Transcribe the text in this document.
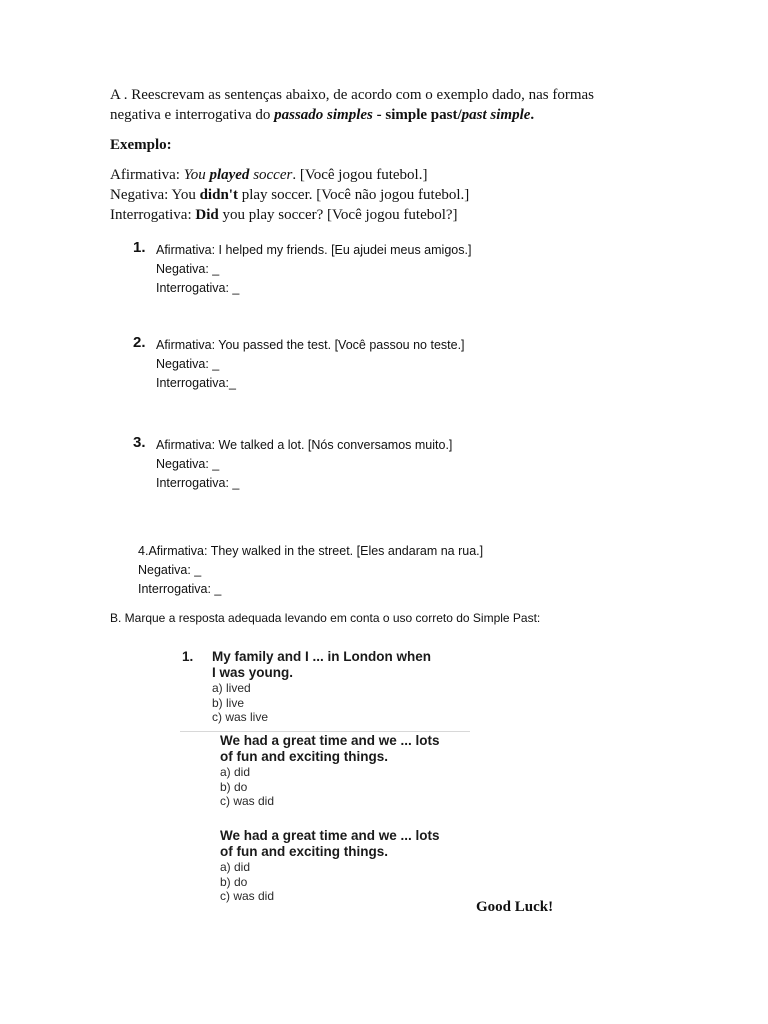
A . Reescrevam as sentenças abaixo, de acordo com o exemplo dado, nas formas
negativa e interrogativa do passado simples - simple past/past simple.
Exemplo:
Afirmativa: You played soccer. [Você jogou futebol.]
Negativa: You didn't play soccer. [Você não jogou futebol.]
Interrogativa: Did you play soccer? [Você jogou futebol?]
1. Afirmativa: I helped my friends. [Eu ajudei meus amigos.]
Negativa: _
Interrogativa: _
2. Afirmativa: You passed the test. [Você passou no teste.]
Negativa: _
Interrogativa:_
3. Afirmativa: We talked a lot. [Nós conversamos muito.]
Negativa: _
Interrogativa: _
4.Afirmativa: They walked in the street. [Eles andaram na rua.]
Negativa: _
Interrogativa: _
B. Marque a resposta adequada levando em conta o uso correto do Simple Past:
1. My family and I ... in London when
I was young.
a) lived
b) live
c) was live
We had a great time and we ... lots
of fun and exciting things.
a) did
b) do
c) was did
We had a great time and we ... lots
of fun and exciting things.
a) did
b) do
c) was did
Good Luck!
